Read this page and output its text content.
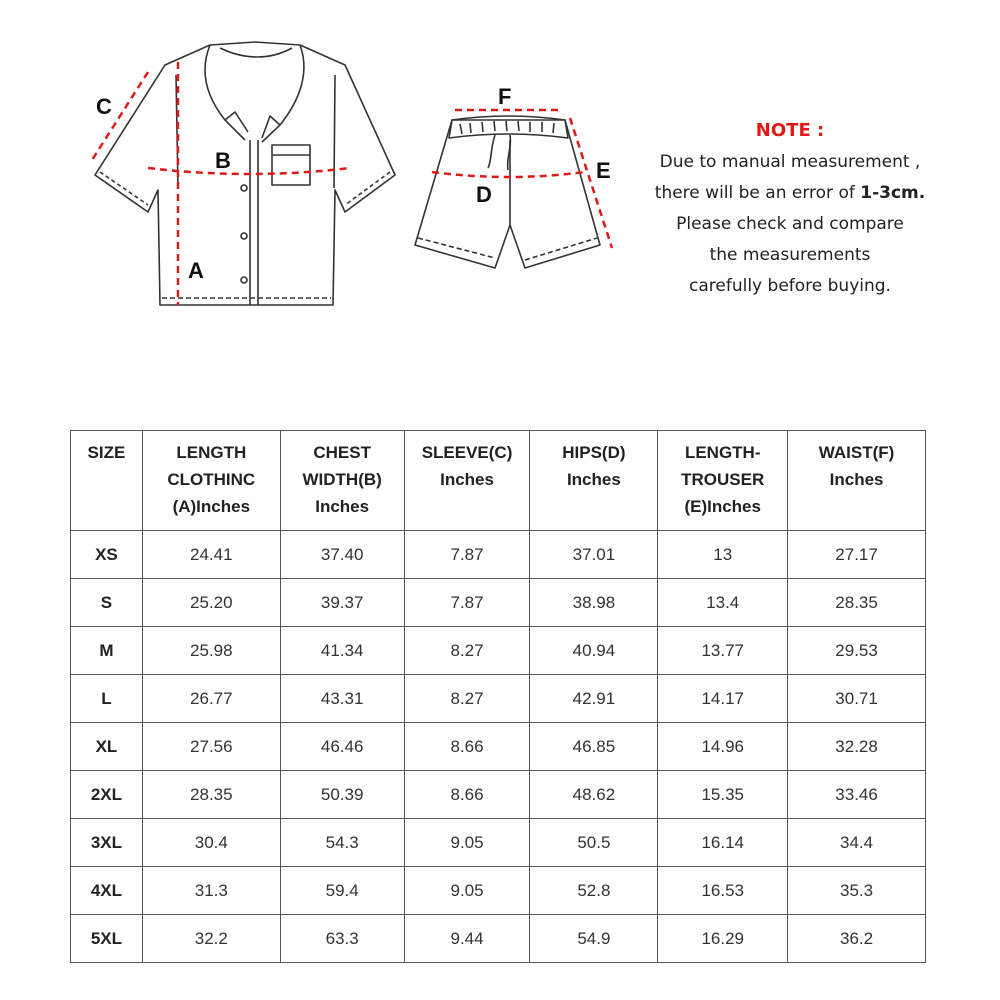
A
B
C
D
E
F
NOTE :
Due to manual measurement ,
there will be an error of 1-3cm.
Please check and compare
the measurements
carefully before buying.
SIZE	LENGTH
CLOTHINC
(A)Inches	CHEST
WIDTH(B)
Inches	SLEEVE(C)
Inches	HIPS(D)
Inches	LENGTH-
TROUSER
(E)Inches	WAIST(F)
Inches

XS	24.41	37.40	7.87	37.01	13	27.17
S	25.20	39.37	7.87	38.98	13.4	28.35
M	25.98	41.34	8.27	40.94	13.77	29.53
L	26.77	43.31	8.27	42.91	14.17	30.71
XL	27.56	46.46	8.66	46.85	14.96	32.28
2XL	28.35	50.39	8.66	48.62	15.35	33.46
3XL	30.4	54.3	9.05	50.5	16.14	34.4
4XL	31.3	59.4	9.05	52.8	16.53	35.3
5XL	32.2	63.3	9.44	54.9	16.29	36.2
